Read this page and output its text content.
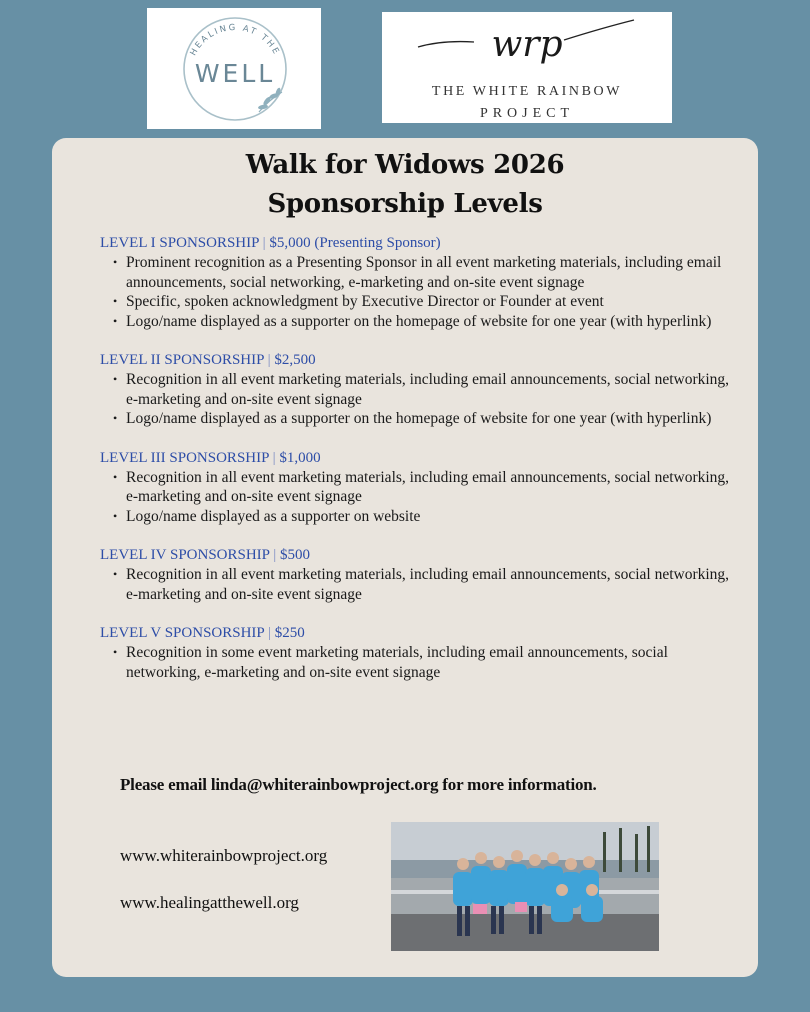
HEALING AT THE
WELL
wrp
THE WHITE RAINBOW
PROJECT
Walk for Widows 2026
Sponsorship Levels

LEVEL I SPONSORSHIP | $5,000 (Presenting Sponsor)

• Prominent recognition as a Presenting Sponsor in all event marketing materials, including email announcements, social networking, e-marketing and on-site event signage
• Specific, spoken acknowledgment by Executive Director or Founder at event
• Logo/name displayed as a supporter on the homepage of website for one year (with hyperlink)

LEVEL II SPONSORSHIP | $2,500

• Recognition in all event marketing materials, including email announcements, social networking, e-marketing and on-site event signage
• Logo/name displayed as a supporter on the homepage of website for one year (with hyperlink)

LEVEL III SPONSORSHIP | $1,000

• Recognition in all event marketing materials, including email announcements, social networking, e-marketing and on-site event signage
• Logo/name displayed as a supporter on website

LEVEL IV SPONSORSHIP | $500

• Recognition in all event marketing materials, including email announcements, social networking, e-marketing and on-site event signage

LEVEL V SPONSORSHIP | $250

• Recognition in some event marketing materials, including email announcements, social networking, e-marketing and on-site event signage
Please email linda@whiterainbowproject.org for more information.
www.whiterainbowproject.org
www.healingatthewell.org
